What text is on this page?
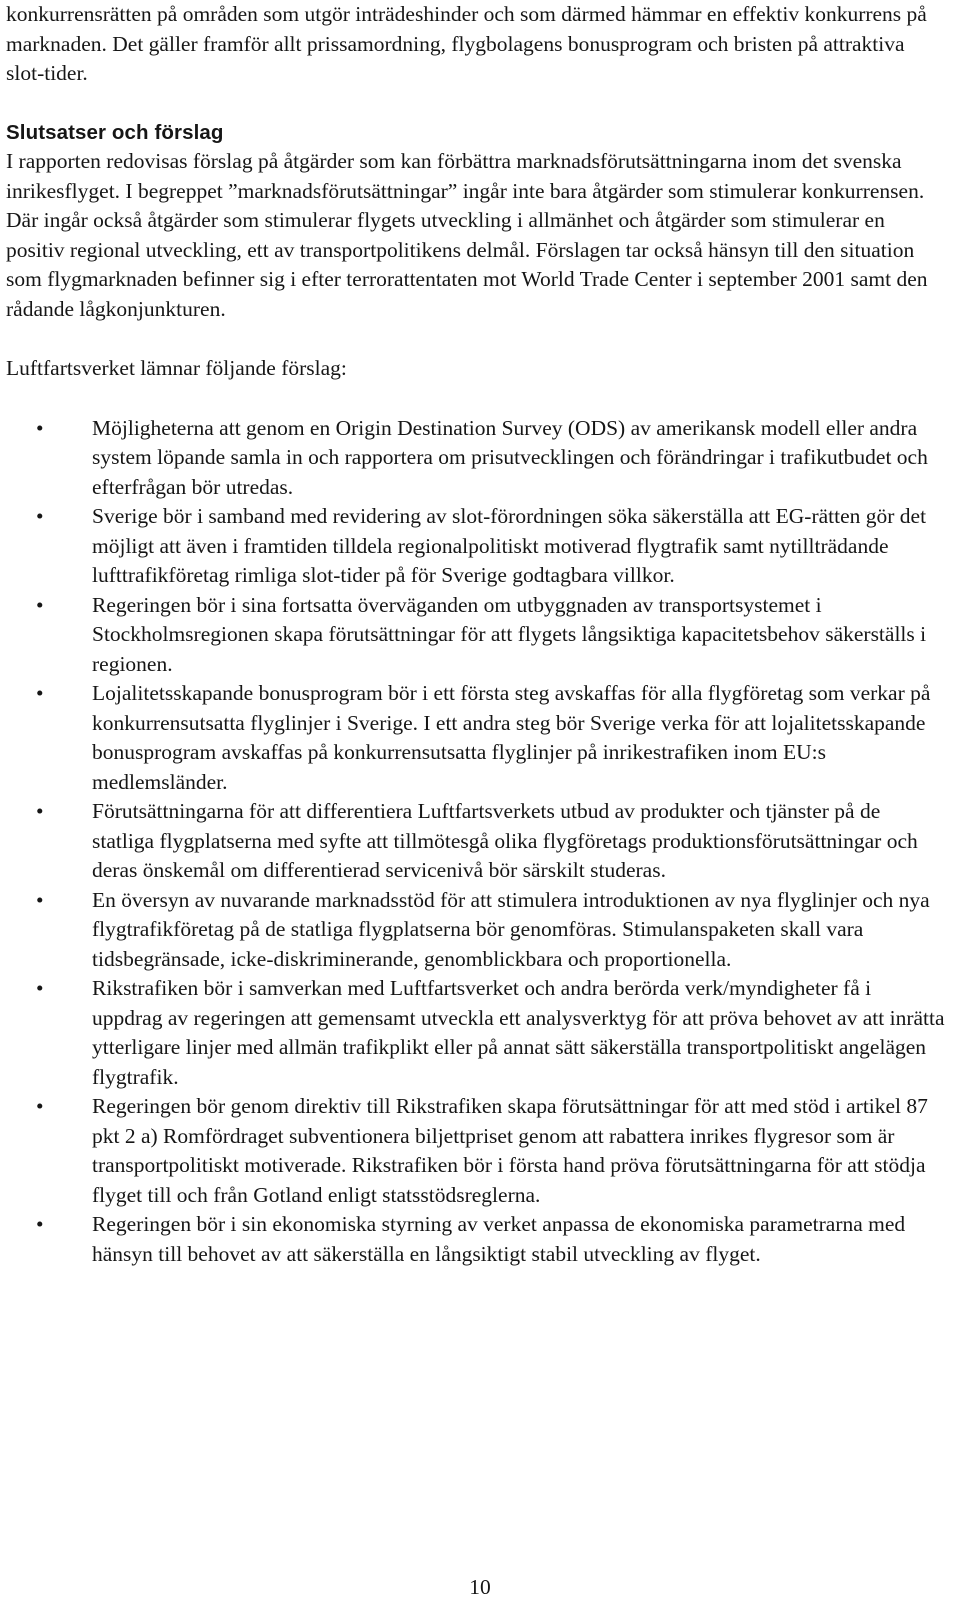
konkurrensrätten på områden som utgör inträdeshinder och som därmed hämmar en effektiv konkurrens på marknaden. Det gäller framför allt prissamordning, flygbolagens bonusprogram och bristen på attraktiva slot-tider.

Slutsatser och förslag

I rapporten redovisas förslag på åtgärder som kan förbättra marknadsförutsättningarna inom det svenska inrikesflyget. I begreppet ”marknadsförutsättningar” ingår inte bara åtgärder som stimulerar konkurrensen. Där ingår också åtgärder som stimulerar flygets utveckling i allmänhet och åtgärder som stimulerar en positiv regional utveckling, ett av transportpolitikens delmål. Förslagen tar också hänsyn till den situation som flygmarknaden befinner sig i efter terrorattentaten mot World Trade Center i september 2001 samt den rådande lågkonjunkturen.

Luftfartsverket lämnar följande förslag:

•	Möjligheterna att genom en Origin Destination Survey (ODS) av amerikansk modell eller andra system löpande samla in och rapportera om prisutvecklingen och förändringar i trafikutbudet och efterfrågan bör utredas.
•	Sverige bör i samband med revidering av slot-förordningen söka säkerställa att EG-rätten gör det möjligt att även i framtiden tilldela regionalpolitiskt motiverad flygtrafik samt nytillträdande lufttrafikföretag rimliga slot-tider på för Sverige godtagbara villkor.
•	Regeringen bör i sina fortsatta överväganden om utbyggnaden av transportsystemet i Stockholmsregionen skapa förutsättningar för att flygets långsiktiga kapacitetsbehov säkerställs i regionen.
•	Lojalitetsskapande bonusprogram bör i ett första steg avskaffas för alla flygföretag som verkar på konkurrensutsatta flyglinjer i Sverige. I ett andra steg bör Sverige verka för att lojalitetsskapande bonusprogram avskaffas på konkurrensutsatta flyglinjer på inrikestrafiken inom EU:s medlemsländer.
•	Förutsättningarna för att differentiera Luftfartsverkets utbud av produkter och tjänster på de statliga flygplatserna med syfte att tillmötesgå olika flygföretags produktionsförutsättningar och deras önskemål om differentierad servicenivå bör särskilt studeras.
•	En översyn av nuvarande marknadsstöd för att stimulera introduktionen av nya flyglinjer och nya flygtrafikföretag på de statliga flygplatserna bör genomföras. Stimulanspaketen skall vara tidsbegränsade, icke-diskriminerande, genomblickbara och proportionella.
•	Rikstrafiken bör i samverkan med Luftfartsverket och andra berörda verk/myndigheter få i uppdrag av regeringen att gemensamt utveckla ett analysverktyg för att pröva behovet av att inrätta ytterligare linjer med allmän trafikplikt eller på annat sätt säkerställa transportpolitiskt angelägen flygtrafik.
•	Regeringen bör genom direktiv till Rikstrafiken skapa förutsättningar för att med stöd i artikel 87 pkt 2 a) Romfördraget subventionera biljettpriset genom att rabattera inrikes flygresor som är transportpolitiskt motiverade. Rikstrafiken bör i första hand pröva förutsättningarna för att stödja flyget till och från Gotland enligt statsstödsreglerna.
•	Regeringen bör i sin ekonomiska styrning av verket anpassa de ekonomiska parametrarna med hänsyn till behovet av att säkerställa en långsiktigt stabil utveckling av flyget.
10
